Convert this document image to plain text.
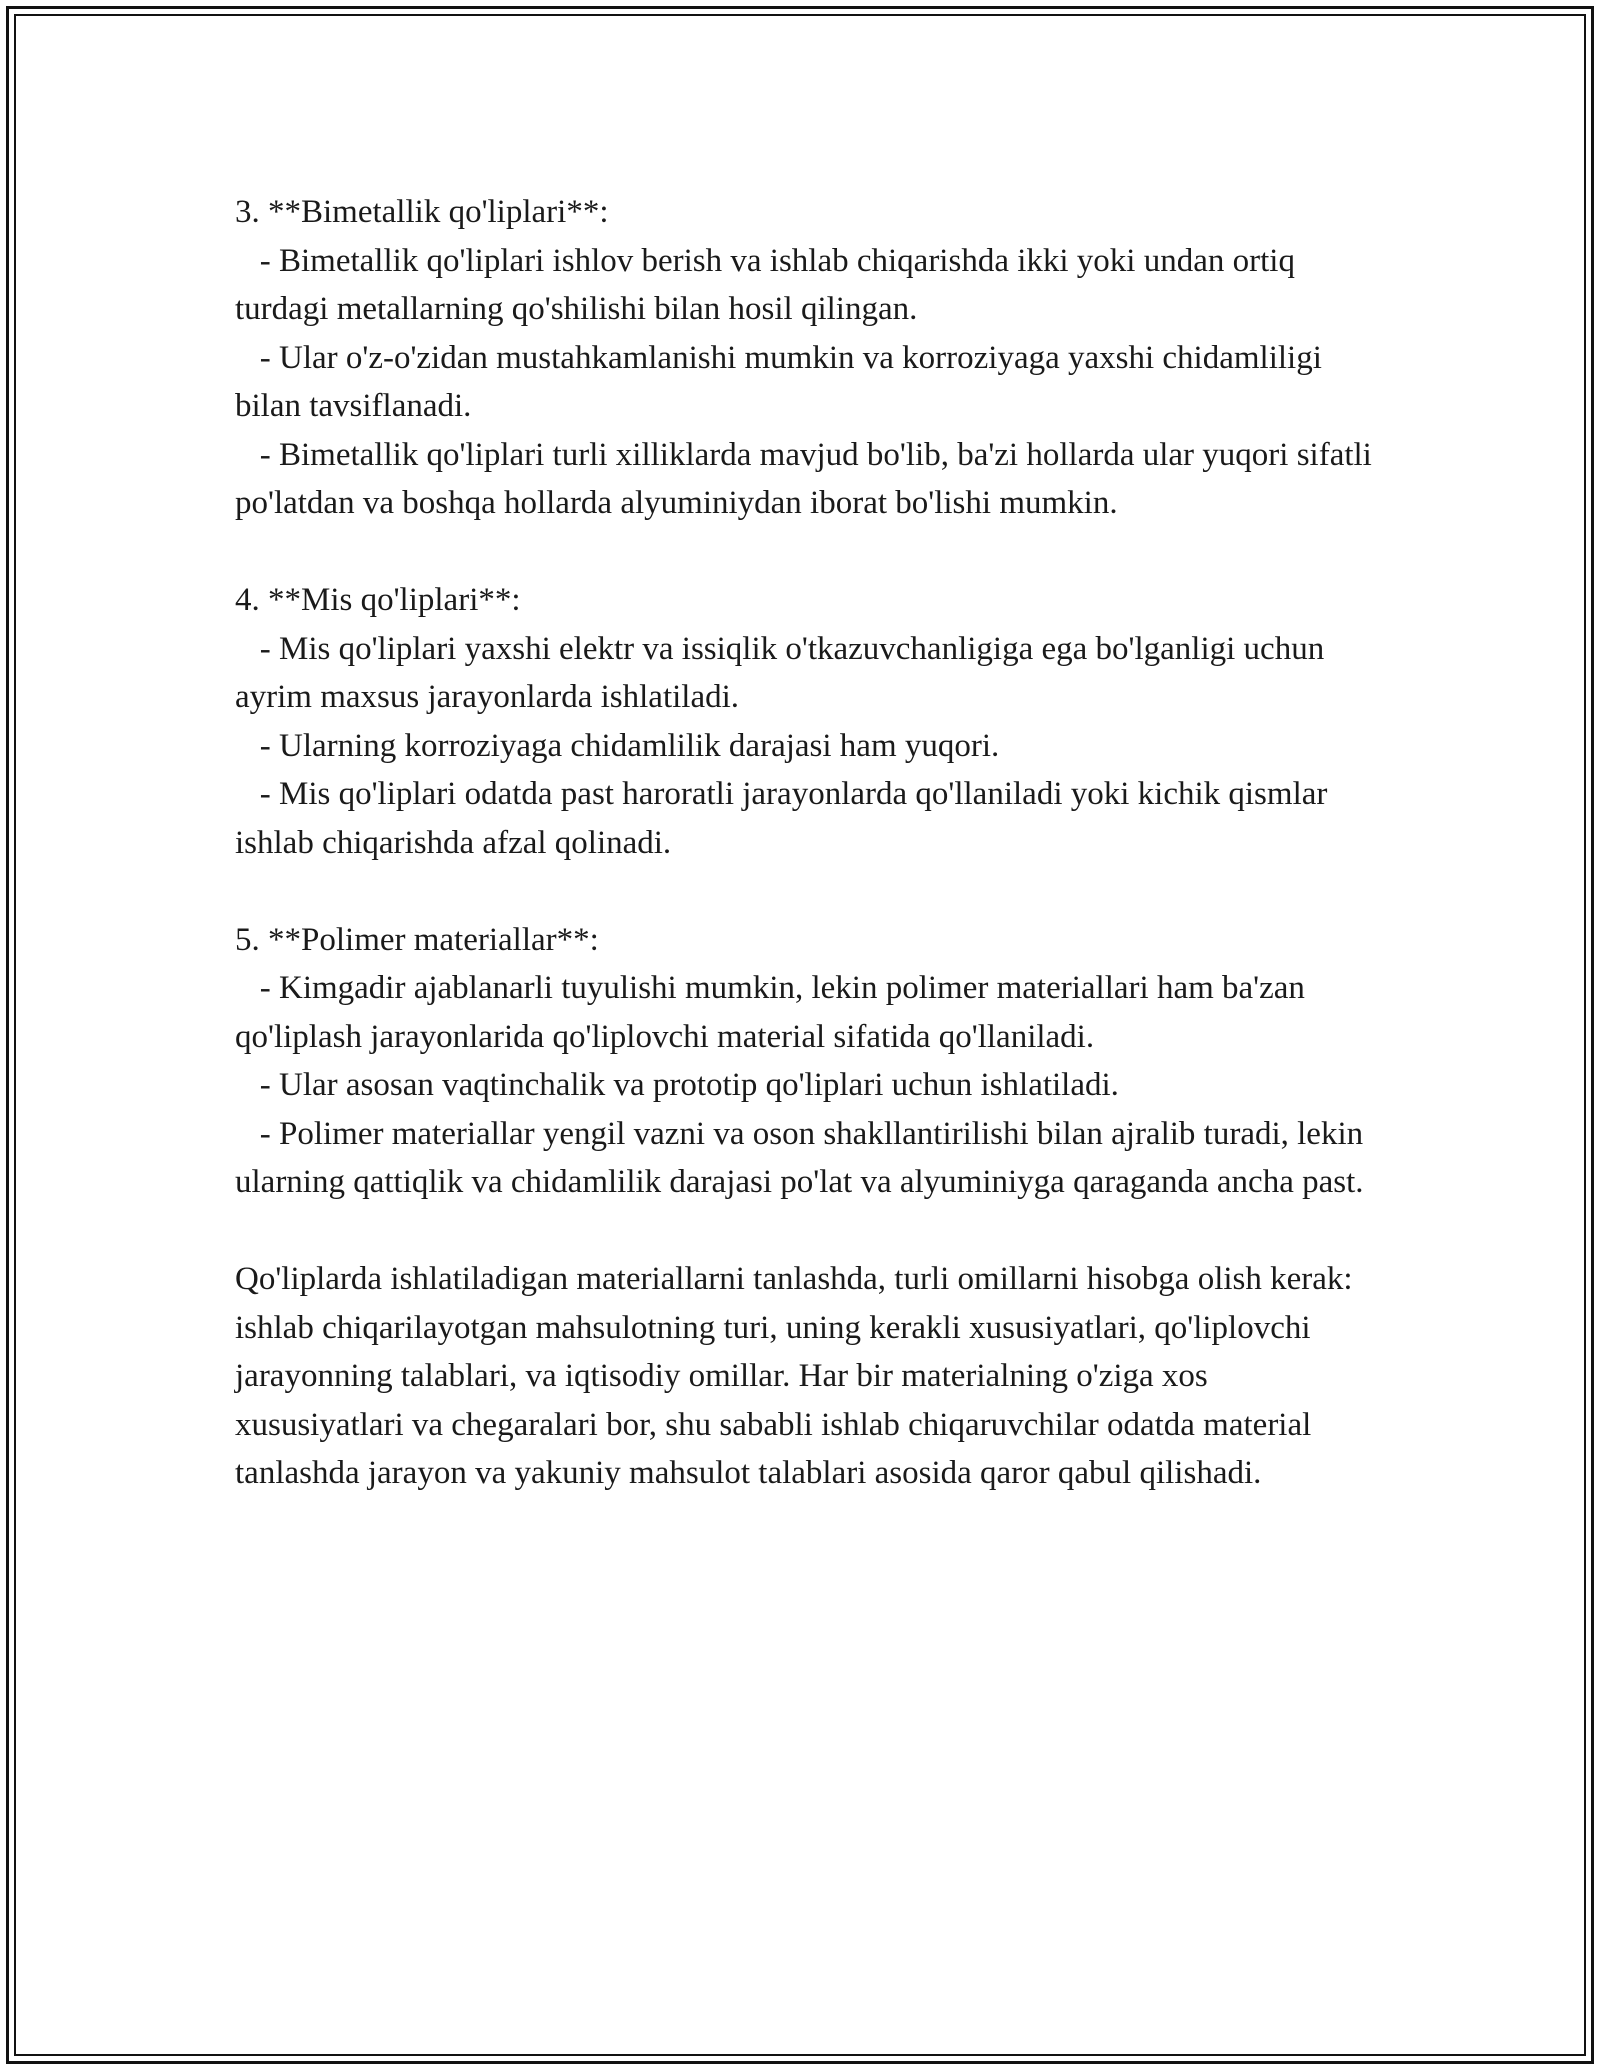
3. **Bimetallik qo'liplari**:

- Bimetallik qo'liplari ishlov berish va ishlab chiqarishda ikki yoki undan ortiq turdagi metallarning qo'shilishi bilan hosil qilingan.

- Ular o'z-o'zidan mustahkamlanishi mumkin va korroziyaga yaxshi chidamliligi bilan tavsiflanadi.

- Bimetallik qo'liplari turli xilliklarda mavjud bo'lib, ba'zi hollarda ular yuqori sifatli po'latdan va boshqa hollarda alyuminiydan iborat bo'lishi mumkin.

4. **Mis qo'liplari**:

- Mis qo'liplari yaxshi elektr va issiqlik o'tkazuvchanligiga ega bo'lganligi uchun ayrim maxsus jarayonlarda ishlatiladi.

- Ularning korroziyaga chidamlilik darajasi ham yuqori.

- Mis qo'liplari odatda past haroratli jarayonlarda qo'llaniladi yoki kichik qismlar ishlab chiqarishda afzal qolinadi.

5. **Polimer materiallar**:

- Kimgadir ajablanarli tuyulishi mumkin, lekin polimer materiallari ham ba'zan qo'liplash jarayonlarida qo'liplovchi material sifatida qo'llaniladi.

- Ular asosan vaqtinchalik va prototip qo'liplari uchun ishlatiladi.

- Polimer materiallar yengil vazni va oson shakllantirilishi bilan ajralib turadi, lekin ularning qattiqlik va chidamlilik darajasi po'lat va alyuminiyga qaraganda ancha past.

Qo'liplarda ishlatiladigan materiallarni tanlashda, turli omillarni hisobga olish kerak: ishlab chiqarilayotgan mahsulotning turi, uning kerakli xususiyatlari, qo'liplovchi jarayonning talablari, va iqtisodiy omillar. Har bir materialning o'ziga xos xususiyatlari va chegaralari bor, shu sababli ishlab chiqaruvchilar odatda material tanlashda jarayon va yakuniy mahsulot talablari asosida qaror qabul qilishadi.
